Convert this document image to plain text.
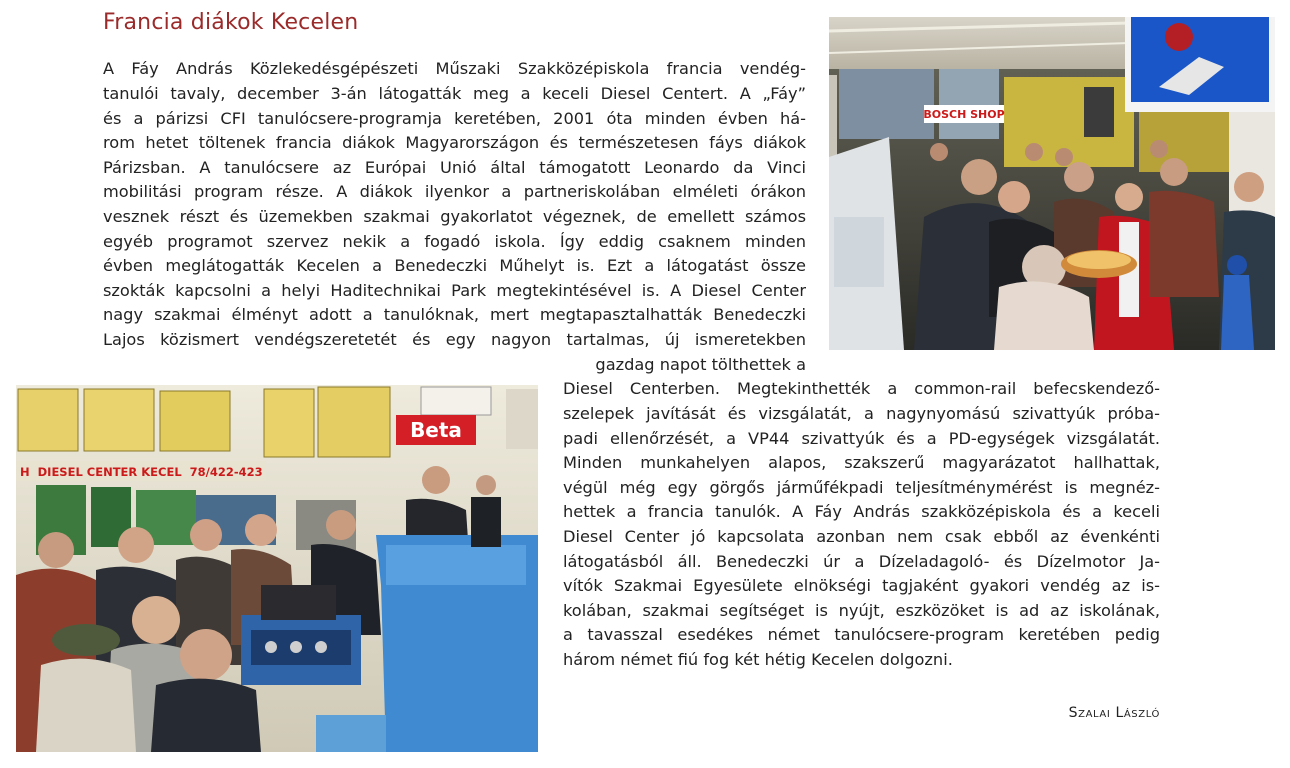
Francia diákok Kecelen
A Fáy András Közlekedésgépészeti Műszaki Szakközépiskola francia vendég-
tanulói tavaly, december 3-án látogatták meg a keceli Diesel Centert. A „Fáy”
és a párizsi CFI tanulócsere-programja keretében, 2001 óta minden évben há-
rom hetet töltenek francia diákok Magyarországon és természetesen fáys diákok
Párizsban. A tanulócsere az Európai Unió által támogatott Leonardo da Vinci
mobilitási program része. A diákok ilyenkor a partneriskolában elméleti órákon
vesznek részt és üzemekben szakmai gyakorlatot végeznek, de emellett számos
egyéb programot szervez nekik a fogadó iskola. Így eddig csaknem minden
évben meglátogatták Kecelen a Benedeczki Műhelyt is. Ezt a látogatást össze
szokták kapcsolni a helyi Haditechnikai Park megtekintésével is. A Diesel Center
nagy szakmai élményt adott a tanulóknak, mert megtapasztalhatták Benedeczki
Lajos közismert vendégszeretetét és egy nagyon tartalmas, új ismeretekben
gazdag napot tölthettek a
Diesel Centerben. Megtekinthették a common-rail befecskendező-
szelepek javítását és vizsgálatát, a nagynyomású szivattyúk próba-
padi ellenőrzését, a VP44 szivattyúk és a PD-egységek vizsgálatát.
Minden munkahelyen alapos, szakszerű magyarázatot hallhattak,
végül még egy görgős járműfékpadi teljesítménymérést is megnéz-
hettek a francia tanulók. A Fáy András szakközépiskola és a keceli
Diesel Center jó kapcsolata azonban nem csak ebből az évenkénti
látogatásból áll. Benedeczki úr a Dízeladagoló- és Dízelmotor Ja-
vítók Szakmai Egyesülete elnökségi tagjaként gyakori vendég az is-
kolában, szakmai segítséget is nyújt, eszközöket is ad az iskolának,
a tavasszal esedékes német tanulócsere-program keretében pedig
három német fiú fog két hétig Kecelen dolgozni.
Szalai László
BOSCH SHOP
Beta
H  DIESEL CENTER KECEL  78/422-423
